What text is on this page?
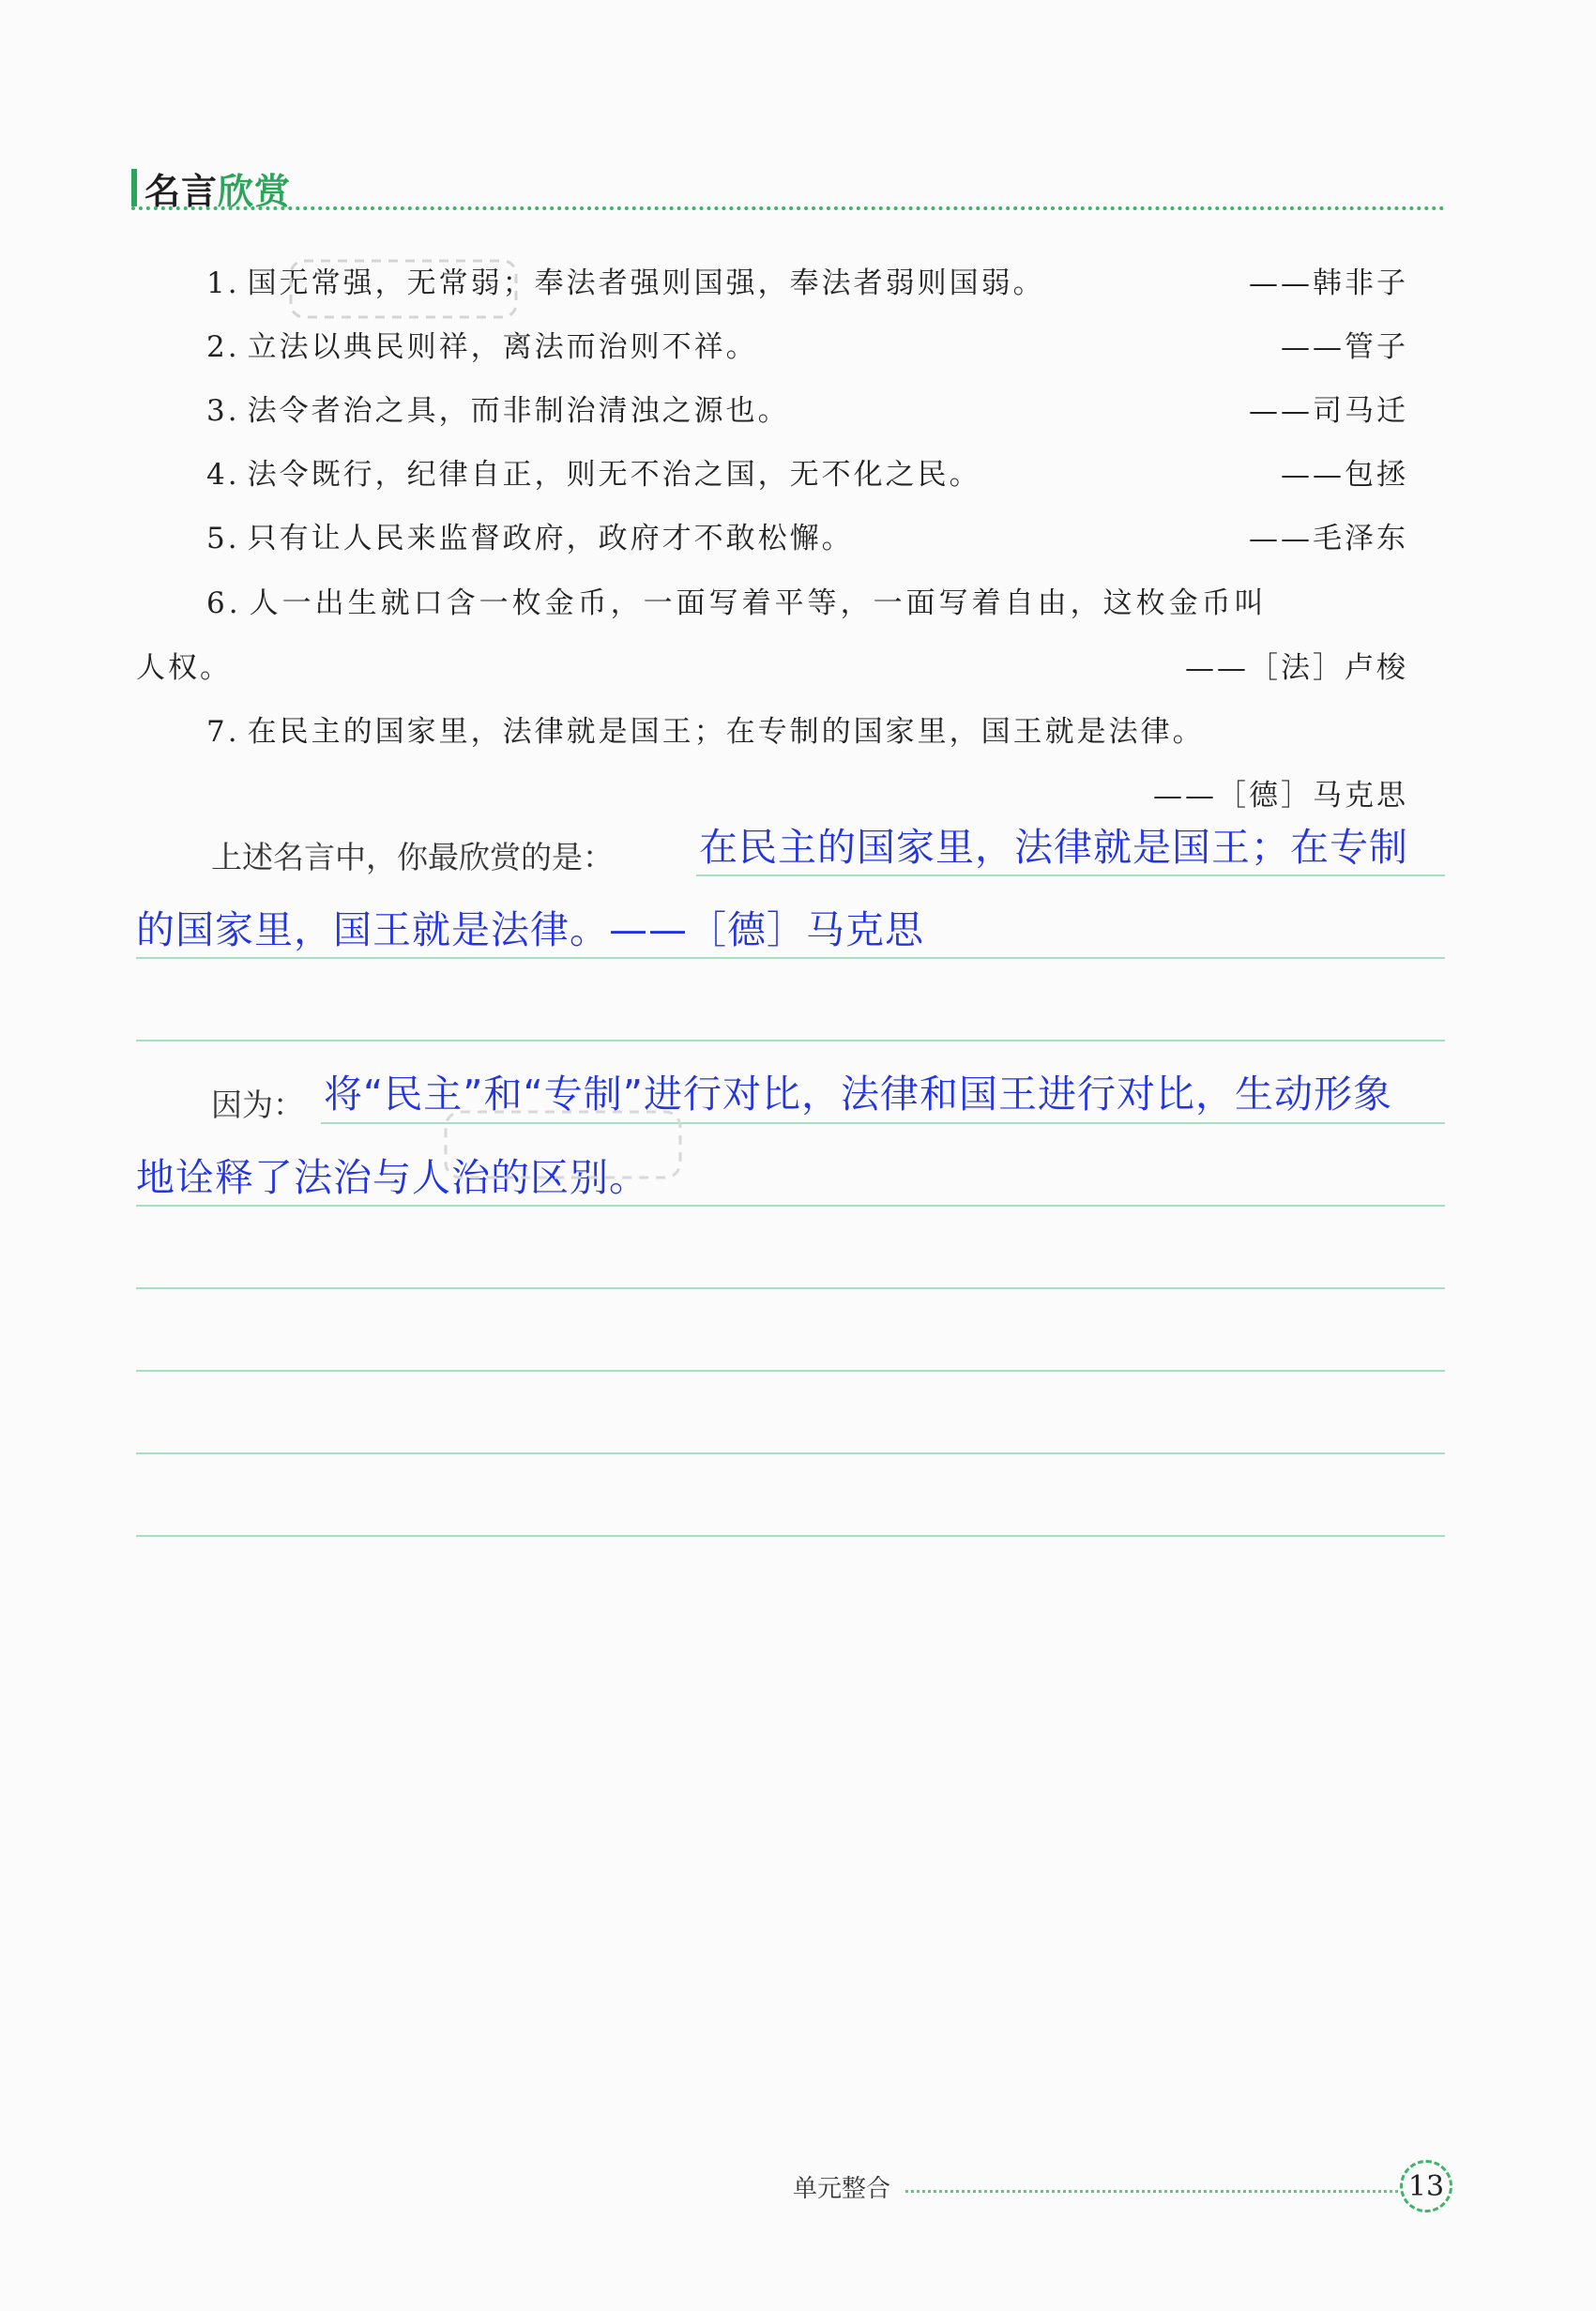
名言欣赏
1. 国无常强，无常弱；奉法者强则国强，奉法者弱则国弱。	——韩非子
2. 立法以典民则祥，离法而治则不祥。	——管子
3. 法令者治之具，而非制治清浊之源也。	——司马迁
4. 法令既行，纪律自正，则无不治之国，无不化之民。	——包拯
5. 只有让人民来监督政府，政府才不敢松懈。	——毛泽东
6. 人一出生就口含一枚金币，一面写着平等，一面写着自由，这枚金币叫
人权。	——［法］卢梭
7. 在民主的国家里，法律就是国王；在专制的国家里，国王就是法律。
——［德］马克思
上述名言中，你最欣赏的是： 在民主的国家里，法律就是国王；在专制
的国家里，国王就是法律。——［德］马克思
因为： 将“民主”和“专制”进行对比，法律和国王进行对比，生动形象
地诠释了法治与人治的区别。
单元整合	13
